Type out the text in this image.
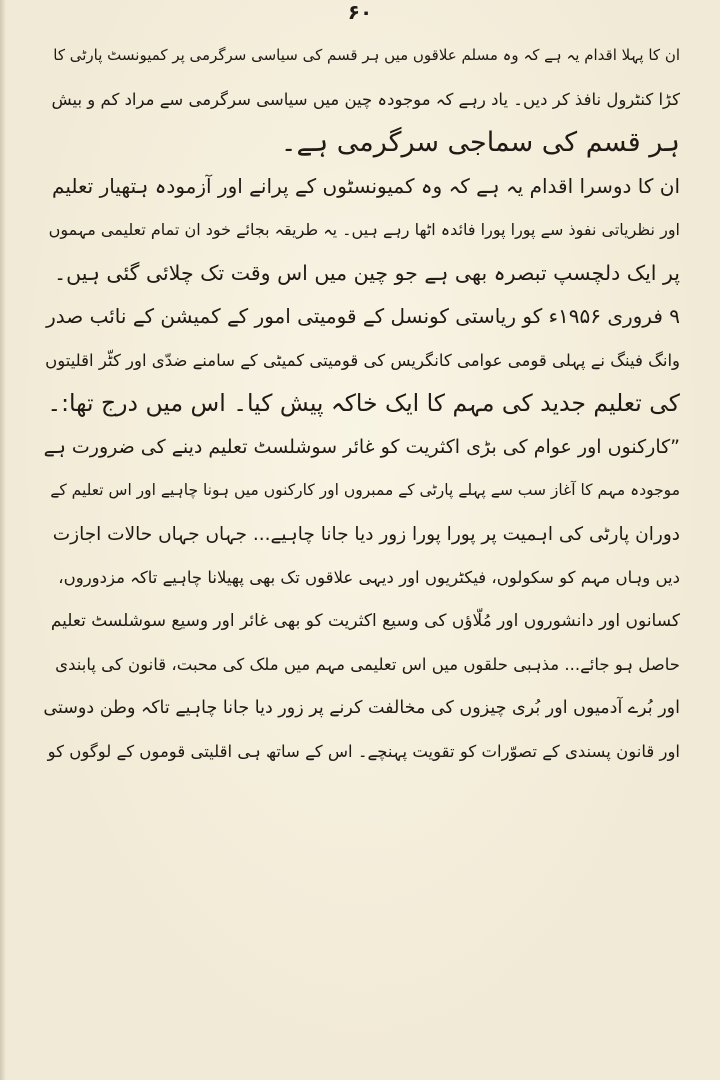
۶۰
ان کا پہلا اقدام یہ ہے کہ وہ مسلم علاقوں میں ہر قسم کی سیاسی سرگرمی پر کمیونسٹ پارٹی کا
کڑا کنٹرول نافذ کر دیں۔ یاد رہے کہ موجودہ چین میں سیاسی سرگرمی سے مراد کم و بیش
ہر قسم کی سماجی سرگرمی ہے۔
ان کا دوسرا اقدام یہ ہے کہ وہ کمیونسٹوں کے پرانے اور آزمودہ ہتھیار تعلیم
اور نظریاتی نفوذ سے پورا پورا فائدہ اٹھا رہے ہیں۔ یہ طریقہ بجائے خود ان تمام تعلیمی مہموں
پر ایک دلچسپ تبصرہ بھی ہے جو چین میں اس وقت تک چلائی گئی ہیں۔
۹ فروری ۱۹۵۶ء کو ریاستی کونسل کے قومیتی امور کے کمیشن کے نائب صدر
وانگ فینگ نے پہلی قومی عوامی کانگریس کی قومیتی کمیٹی کے سامنے ضدّی اور کٹّر اقلیتوں
کی تعلیم جدید کی مہم کا ایک خاکہ پیش کیا۔ اس میں درج تھا:۔
”کارکنوں اور عوام کی بڑی اکثریت کو غائر سوشلسٹ تعلیم دینے کی ضرورت ہے
موجودہ مہم کا آغاز سب سے پہلے پارٹی کے ممبروں اور کارکنوں میں ہونا چاہیے اور اس تعلیم کے
دوران پارٹی کی اہمیت پر پورا پورا زور دیا جانا چاہیے... جہاں جہاں حالات اجازت
دیں وہاں مہم کو سکولوں، فیکٹریوں اور دیہی علاقوں تک بھی پھیلانا چاہیے تاکہ مزدوروں،
کسانوں اور دانشوروں اور مُلّاؤں کی وسیع اکثریت کو بھی غائر اور وسیع سوشلسٹ تعلیم
حاصل ہو جائے... مذہبی حلقوں میں اس تعلیمی مہم میں ملک کی محبت، قانون کی پابندی
اور بُرے آدمیوں اور بُری چیزوں کی مخالفت کرنے پر زور دیا جانا چاہیے تاکہ وطن دوستی
اور قانون پسندی کے تصوّرات کو تقویت پہنچے۔ اس کے ساتھ ہی اقلیتی قوموں کے لوگوں کو
